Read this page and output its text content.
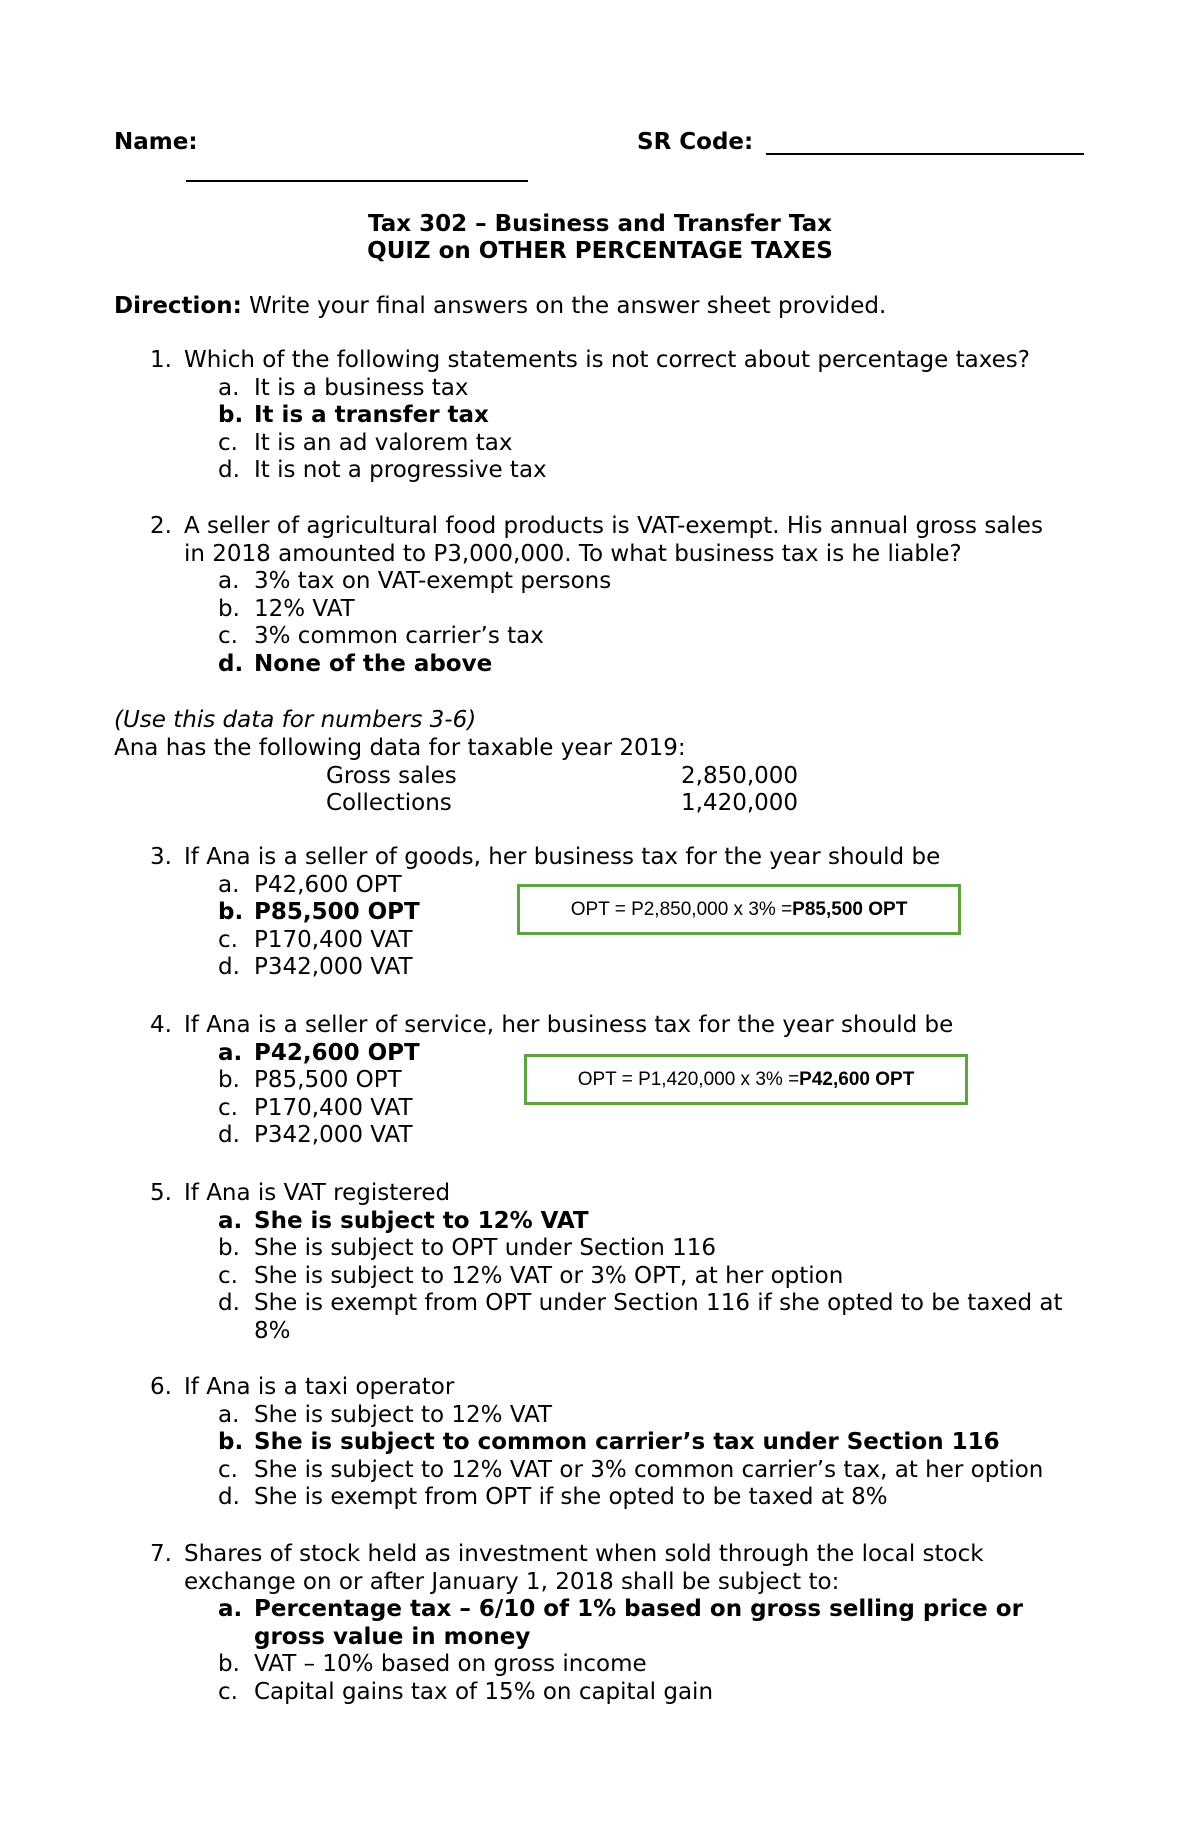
Name:	SR Code:
Tax 302 – Business and Transfer Tax
QUIZ on OTHER PERCENTAGE TAXES
Direction: Write your final answers on the answer sheet provided.
1. Which of the following statements is not correct about percentage taxes?
a. It is a business tax
b. It is a transfer tax
c. It is an ad valorem tax
d. It is not a progressive tax
2. A seller of agricultural food products is VAT-exempt. His annual gross sales
in 2018 amounted to P3,000,000. To what business tax is he liable?
a. 3% tax on VAT-exempt persons
b. 12% VAT
c. 3% common carrier’s tax
d. None of the above
(Use this data for numbers 3-6)
Ana has the following data for taxable year 2019:
Gross sales	2,850,000
Collections	1,420,000
3. If Ana is a seller of goods, her business tax for the year should be
a. P42,600 OPT
b. P85,500 OPT
c. P170,400 VAT
d. P342,000 VAT
OPT = P2,850,000 x 3% = P85,500 OPT
4. If Ana is a seller of service, her business tax for the year should be
a. P42,600 OPT
b. P85,500 OPT
c. P170,400 VAT
d. P342,000 VAT
OPT = P1,420,000 x 3% = P42,600 OPT
5. If Ana is VAT registered
a. She is subject to 12% VAT
b. She is subject to OPT under Section 116
c. She is subject to 12% VAT or 3% OPT, at her option
d. She is exempt from OPT under Section 116 if she opted to be taxed at
8%
6. If Ana is a taxi operator
a. She is subject to 12% VAT
b. She is subject to common carrier’s tax under Section 116
c. She is subject to 12% VAT or 3% common carrier’s tax, at her option
d. She is exempt from OPT if she opted to be taxed at 8%
7. Shares of stock held as investment when sold through the local stock
exchange on or after January 1, 2018 shall be subject to:
a. Percentage tax – 6/10 of 1% based on gross selling price or
gross value in money
b. VAT – 10% based on gross income
c. Capital gains tax of 15% on capital gain
